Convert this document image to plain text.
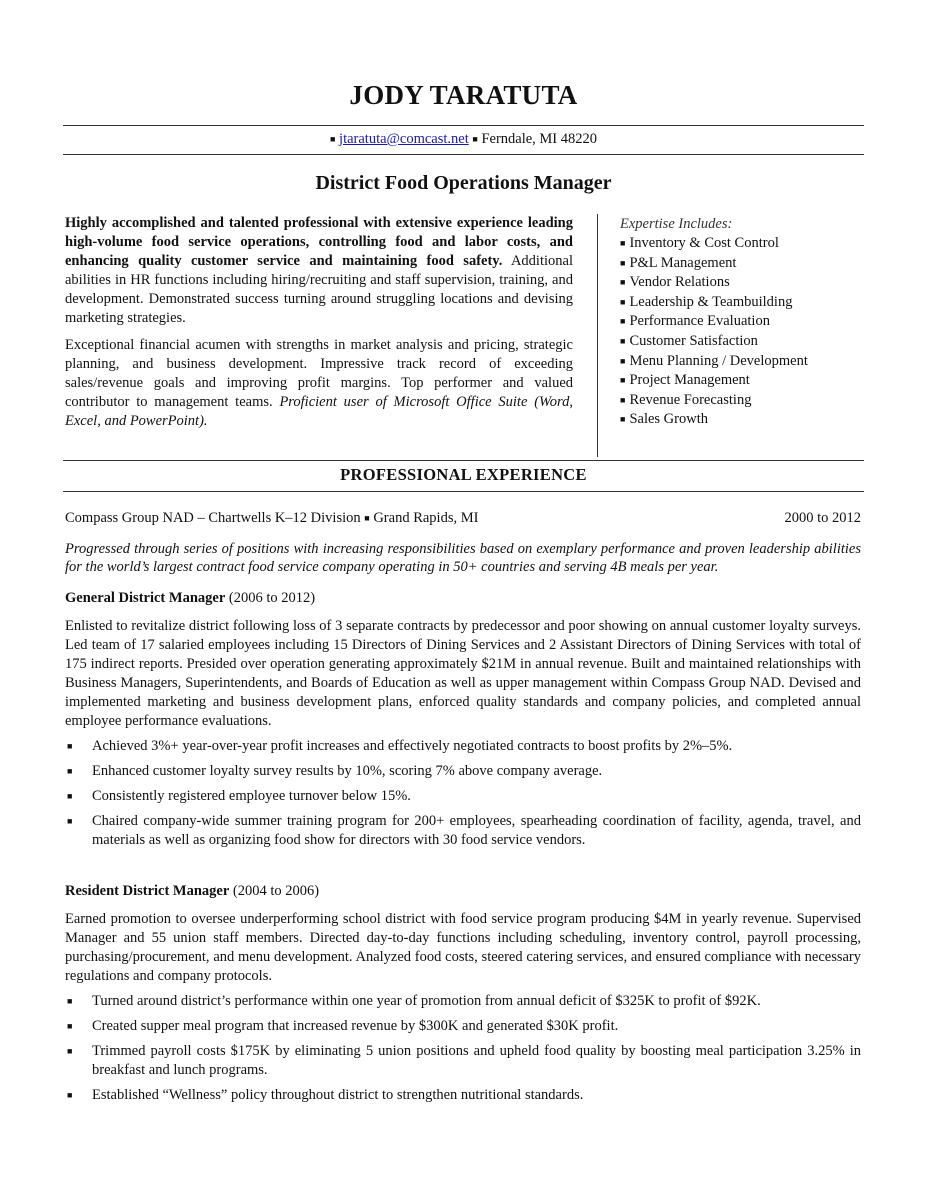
JODY TARATUTA
■ jtaratuta@comcast.net ■ Ferndale, MI 48220
District Food Operations Manager

Highly accomplished and talented professional with extensive experience leading high-volume food service operations, controlling food and labor costs, and enhancing quality customer service and maintaining food safety. Additional abilities in HR functions including hiring/recruiting and staff supervision, training, and development. Demonstrated success turning around struggling locations and devising marketing strategies.

Exceptional financial acumen with strengths in market analysis and pricing, strategic planning, and business development. Impressive track record of exceeding sales/revenue goals and improving profit margins. Top performer and valued contributor to management teams. Proficient user of Microsoft Office Suite (Word, Excel, and PowerPoint).

Expertise Includes:
■ Inventory & Cost Control
■ P&L Management
■ Vendor Relations
■ Leadership & Teambuilding
■ Performance Evaluation
■ Customer Satisfaction
■ Menu Planning / Development
■ Project Management
■ Revenue Forecasting
■ Sales Growth
PROFESSIONAL EXPERIENCE
Compass Group NAD – Chartwells K–12 Division ■ Grand Rapids, MI	2000 to 2012
Progressed through series of positions with increasing responsibilities based on exemplary performance and proven leadership abilities for the world’s largest contract food service company operating in 50+ countries and serving 4B meals per year.
General District Manager (2006 to 2012)
Enlisted to revitalize district following loss of 3 separate contracts by predecessor and poor showing on annual customer loyalty surveys. Led team of 17 salaried employees including 15 Directors of Dining Services and 2 Assistant Directors of Dining Services with total of 175 indirect reports. Presided over operation generating approximately $21M in annual revenue. Built and maintained relationships with Business Managers, Superintendents, and Boards of Education as well as upper management within Compass Group NAD. Devised and implemented marketing and business development plans, enforced quality standards and company policies, and completed annual employee performance evaluations.
■ Achieved 3%+ year-over-year profit increases and effectively negotiated contracts to boost profits by 2%–5%.
■ Enhanced customer loyalty survey results by 10%, scoring 7% above company average.
■ Consistently registered employee turnover below 15%.
■ Chaired company-wide summer training program for 200+ employees, spearheading coordination of facility, agenda, travel, and materials as well as organizing food show for directors with 30 food service vendors.
Resident District Manager (2004 to 2006)
Earned promotion to oversee underperforming school district with food service program producing $4M in yearly revenue. Supervised Manager and 55 union staff members. Directed day-to-day functions including scheduling, inventory control, payroll processing, purchasing/procurement, and menu development. Analyzed food costs, steered catering services, and ensured compliance with necessary regulations and company protocols.
■ Turned around district’s performance within one year of promotion from annual deficit of $325K to profit of $92K.
■ Created supper meal program that increased revenue by $300K and generated $30K profit.
■ Trimmed payroll costs $175K by eliminating 5 union positions and upheld food quality by boosting meal participation 3.25% in breakfast and lunch programs.
■ Established “Wellness” policy throughout district to strengthen nutritional standards.
